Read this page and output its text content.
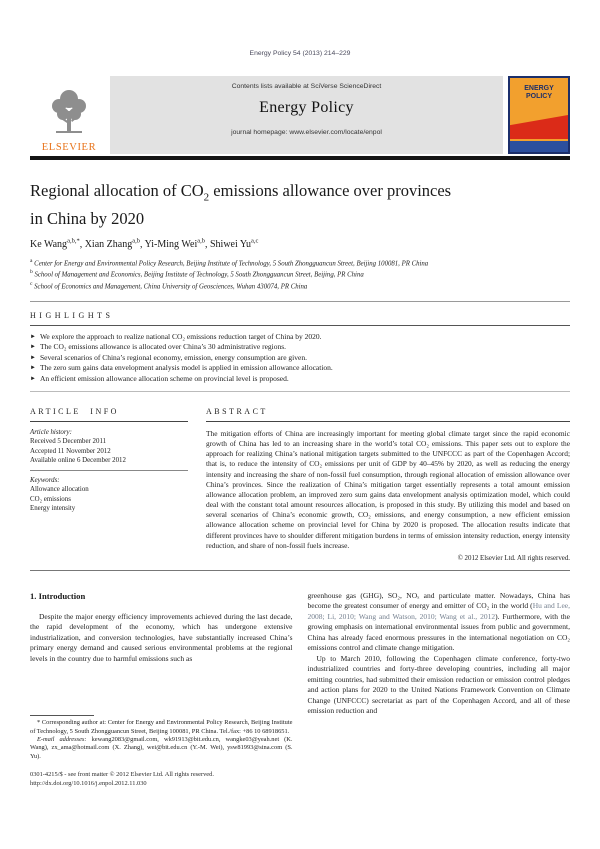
Energy Policy 54 (2013) 214–229
ELSEVIER
Contents lists available at SciVerse ScienceDirect
Energy Policy
journal homepage: www.elsevier.com/locate/enpol
ENERGY
POLICY
Regional allocation of $CO_2$ emissions allowance over provinces
in China by 2020
Ke Wang$^{a,b,*}$, Xian Zhang$^{a,b}$, Yi-Ming Wei$^{a,b}$, Shiwei Yu$^{a,c}$
$^a$ Center for Energy and Environmental Policy Research, Beijing Institute of Technology, 5 South Zhongguancun Street, Beijing 100081, PR China
$^b$ School of Management and Economics, Beijing Institute of Technology, 5 South Zhongguancun Street, Beijing, PR China
$^c$ School of Economics and Management, China University of Geosciences, Wuhan 430074, PR China
HIGHLIGHTS
► We explore the approach to realize national CO₂ emissions reduction target of China by 2020.
► The CO₂ emissions allowance is allocated over China’s 30 administrative regions.
► Several scenarios of China’s regional economy, emission, energy consumption are given.
► The zero sum gains data envelopment analysis model is applied in emission allowance allocation.
► An efficient emission allowance allocation scheme on provincial level is proposed.
ARTICLE INFO
Article history:
Received 5 December 2011
Accepted 11 November 2012
Available online 6 December 2012
Keywords:
Allowance allocation
CO₂ emissions
Energy intensity
ABSTRACT
The mitigation efforts of China are increasingly important for meeting global climate target since the rapid economic growth of China has led to an increasing share in the world’s total CO₂ emissions. This paper sets out to explore the approach for realizing China’s national mitigation targets submitted to the UNFCCC as part of the Copenhagen Accord; that is, to reduce the intensity of CO₂ emissions per unit of GDP by 40–45% by 2020, as well as reducing the energy intensity and increasing the share of non-fossil fuel consumption, through regional allocation of emission allowance over China’s provinces. Since the realization of China’s mitigation target essentially represents a total amount emission allowance allocation problem, an improved zero sum gains data envelopment analysis optimization model, which could deal with the constant total amount resources allocation, is proposed in this study. By utilizing this model and based on several scenarios of China’s economic growth, CO₂ emissions, and energy consumption, a new efficient emission allowance allocation scheme on provincial level for China by 2020 is proposed. The allocation results indicate that different provinces have to shoulder different mitigation burdens in terms of emission intensity reduction, energy intensity reduction, and share of non-fossil fuels increase.
© 2012 Elsevier Ltd. All rights reserved.
1. Introduction

Despite the major energy efficiency improvements achieved during the last decade, the rapid development of the economy, which has undergone extensive industrialization, and conversion technologies, have substantially increased China’s primary energy demand and caused serious environmental problems at the regional levels in the country due to harmful emissions such as

* Corresponding author at: Center for Energy and Environmental Policy Research, Beijing Institute of Technology, 5 South Zhongguancun Street, Beijing 100081, PR China. Tel./fax: +86 10 68918651.

E-mail addresses: kewang2083@gmail.com, wk91913@bit.edu.cn, wangke03@yeah.net (K. Wang), zx_ama@hotmail.com (X. Zhang), wei@bit.edu.cn (Y.-M. Wei), ysw81993@sina.com (S. Yu).

greenhouse gas (GHG), SO₂, NOₓ and particulate matter. Nowadays, China has become the greatest consumer of energy and emitter of CO₂ in the world (Hu and Lee, 2008; Li, 2010; Wang and Watson, 2010; Wang et al., 2012). Furthermore, with the growing emphasis on international environmental issues from public and government, China has already faced enormous pressures in the international negotiation on CO₂ emissions control and climate change mitigation.

Up to March 2010, following the Copenhagen climate conference, forty-two industrialized countries and forty-three developing countries, including all major emitting countries, had submitted their emission reduction or emission control pledges and action plans for 2020 to the United Nations Framework Convention on Climate Change (UNFCCC) secretariat as part of the Copenhagen Accord, and all of these emission reduction and

0301-4215/$ - see front matter © 2012 Elsevier Ltd. All rights reserved.
http://dx.doi.org/10.1016/j.enpol.2012.11.030
